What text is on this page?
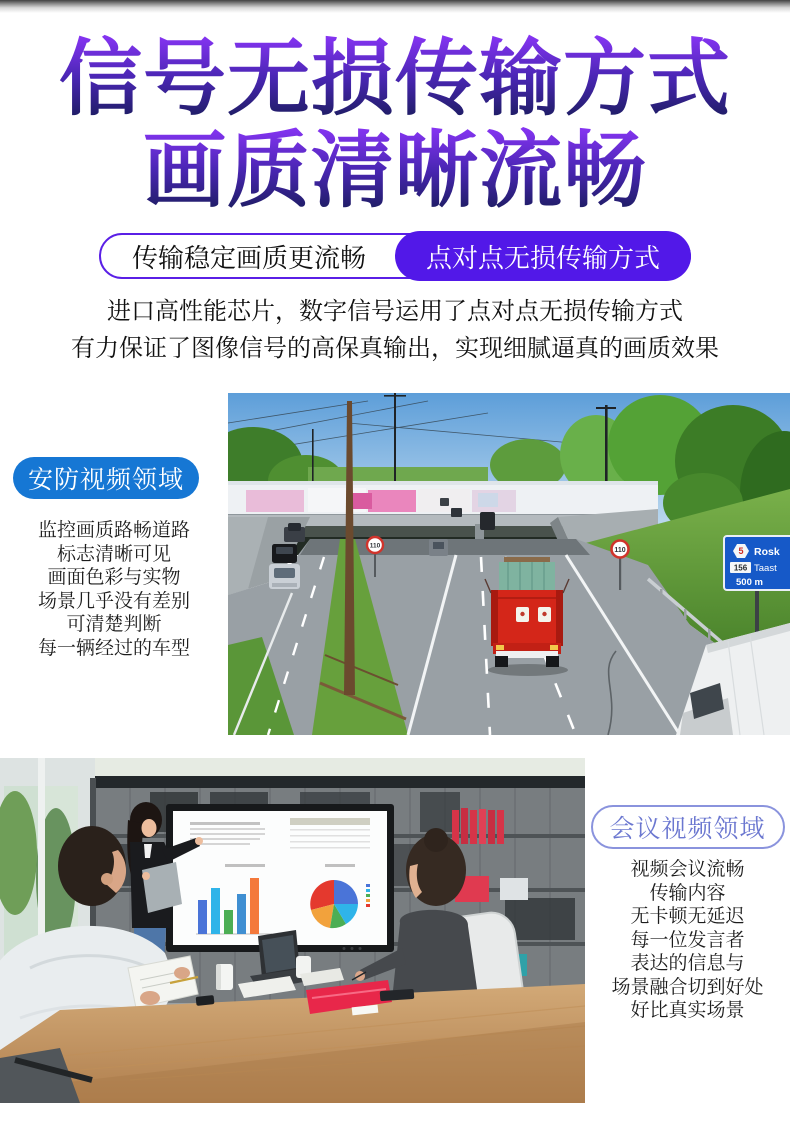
信号无损传输方式
画质清晰流畅
传输稳定画质更流畅	点对点无损传输方式

进口高性能芯片，数字信号运用了点对点无损传输方式
有力保证了图像信号的高保真输出，实现细腻逼真的画质效果

安防视频领域
监控画质路畅道路
标志清晰可见
画面色彩与实物
场景几乎没有差别
可清楚判断
每一辆经过的车型
110
110	5 Rosk
156 Taast
500 m
会议视频领域
视频会议流畅
传输内容
无卡顿无延迟
每一位发言者
表达的信息与
场景融合切到好处
好比真实场景
